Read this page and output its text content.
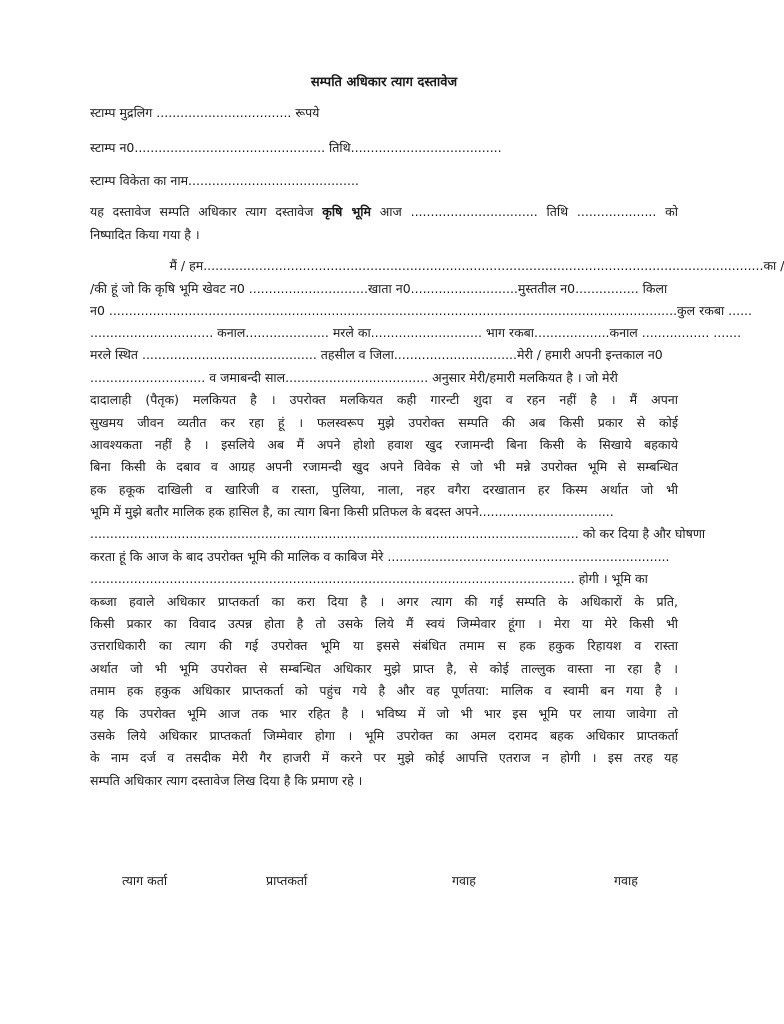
सम्पति अधिकार त्याग दस्तावेज
स्टाम्प मुद्रलिग .................................. रूपये
स्टाम्प न0................................................ तिथि......................................
स्टाम्प विकेता का नाम...........................................
यह दस्तावेज सम्पति अधिकार त्याग दस्तावेज कृषि भूमि आज ................................ तिथि .................... को
निष्पादित किया गया है ।
मैं / हम.............................................................................................................................................का /
/की हूं जो कि कृषि भूमि खेवट न0 ..............................खाता न0...........................मुस्ततील न0................ किला
न0 ...............................................................................................................................................कुल रकबा ......
............................... कनाल..................... मरले का............................ भाग रकबा...................कनाल ................. .......
मरले स्थित ............................................ तहसील व जिला...............................मेरी / हमारी अपनी इन्तकाल न0
............................. व जमाबन्दी साल.................................... अनुसार मेरी/हमारी मलकियत है । जो मेरी
दादालाही (पैतृक) मलकियत है । उपरोक्त मलकियत कही गारन्टी शुदा व रहन नहीं है । मैं अपना
सुखमय जीवन व्यतीत कर रहा हूं । फलस्वरूप मुझे उपरोक्त सम्पति की अब किसी प्रकार से कोई
आवश्यकता नहीं है । इसलिये अब मैं अपने होशो हवाश खुद रजामन्दी बिना किसी के सिखाये बहकाये
बिना किसी के दबाव व आग्रह अपनी रजामन्दी खुद अपने विवेक से जो भी मन्ने उपरोक्त भूमि से सम्बन्धित
हक हकूक दाखिली व खारिजी व रास्ता, पुलिया, नाला, नहर वगैरा दरखातान हर किस्म अर्थात जो भी
भूमि में मुझे बतौर मालिक हक हासिल है, का त्याग बिना किसी प्रतिफल के बदस्त अपने..................................
........................................................................................................................... को कर दिया है और घोषणा
करता हूं कि आज के बाद उपरोक्त भूमि की मालिक व काबिज मेरे .......................................................................
.......................................................................................................................... होगी । भूमि का
कब्जा हवाले अधिकार प्राप्तकर्ता का करा दिया है । अगर त्याग की गई सम्पति के अधिकारों के प्रति,
किसी प्रकार का विवाद उत्पन्न होता है तो उसके लिये मैं स्वयं जिम्मेवार हूंगा । मेरा या मेरे किसी भी
उत्तराधिकारी का त्याग की गई उपरोक्त भूमि या इससे संबंधित तमाम स हक हकुक रिहायश व रास्ता
अर्थात जो भी भूमि उपरोक्त से सम्बन्धित अधिकार मुझे प्राप्त है, से कोई ताल्लुक वास्ता ना रहा है ।
तमाम हक हकुक अधिकार प्राप्तकर्ता को पहुंच गये है और वह पूर्णतया: मालिक व स्वामी बन गया है ।
यह कि उपरोक्त भूमि आज तक भार रहित है । भविष्य में जो भी भार इस भूमि पर लाया जावेगा तो
उसके लिये अधिकार प्राप्तकर्ता जिम्मेवार होगा । भूमि उपरोक्त का अमल दरामद बहक अधिकार प्राप्तकर्ता
के नाम दर्ज व तसदीक मेरी गैर हाजरी में करने पर मुझे कोई आपत्ति एतराज न होगी । इस तरह यह
सम्पति अधिकार त्याग दस्तावेज लिख दिया है कि प्रमाण रहे ।
त्याग कर्ता	प्राप्तकर्ता	गवाह	गवाह
